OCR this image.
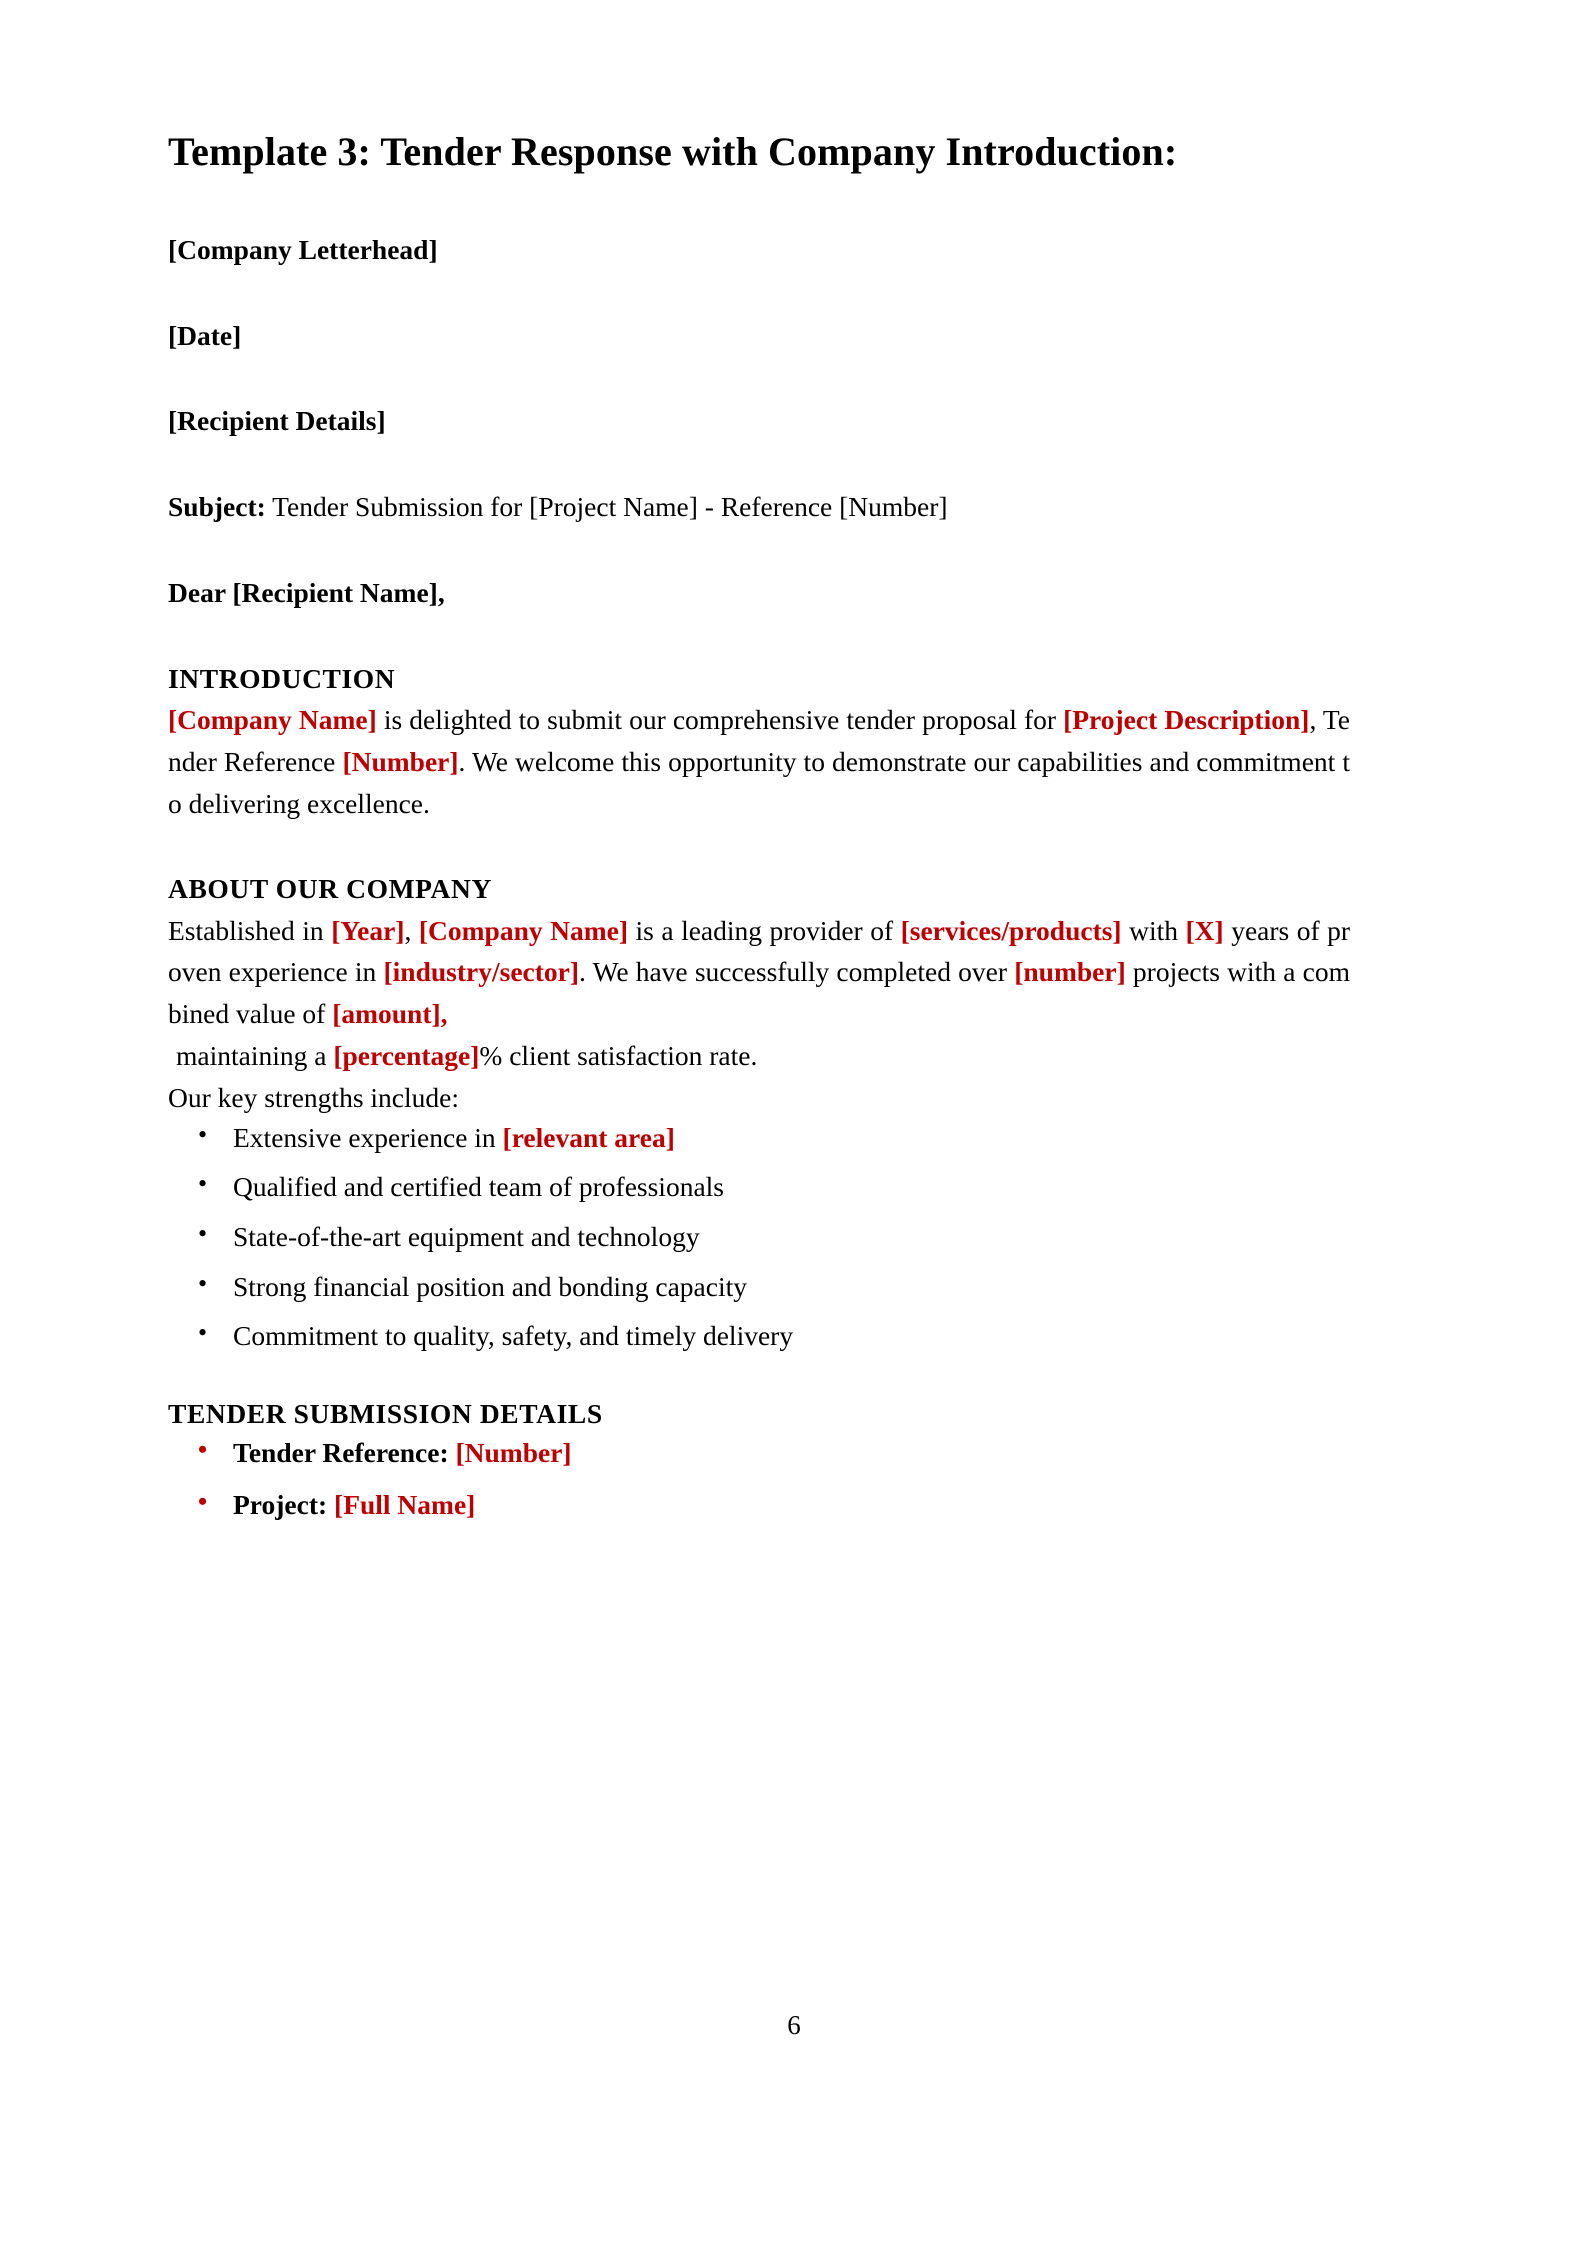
Template 3: Tender Response with Company Introduction:

[Company Letterhead]

[Date]

[Recipient Details]

Subject: Tender Submission for [Project Name] - Reference [Number]

Dear [Recipient Name],

INTRODUCTION

[Company Name] is delighted to submit our comprehensive tender proposal for [Project Description], Tender Reference [Number]. We welcome this opportunity to demonstrate our capabilities and commitment to delivering excellence.

ABOUT OUR COMPANY

Established in [Year], [Company Name] is a leading provider of [services/products] with [X] years of proven experience in [industry/sector]. We have successfully completed over [number] projects with a combined value of [amount],

maintaining a [percentage]% client satisfaction rate.

Our key strengths include:

• Extensive experience in [relevant area]
• Qualified and certified team of professionals
• State-of-the-art equipment and technology
• Strong financial position and bonding capacity
• Commitment to quality, safety, and timely delivery
TENDER SUBMISSION DETAILS
• Tender Reference: [Number]
• Project: [Full Name]
6
